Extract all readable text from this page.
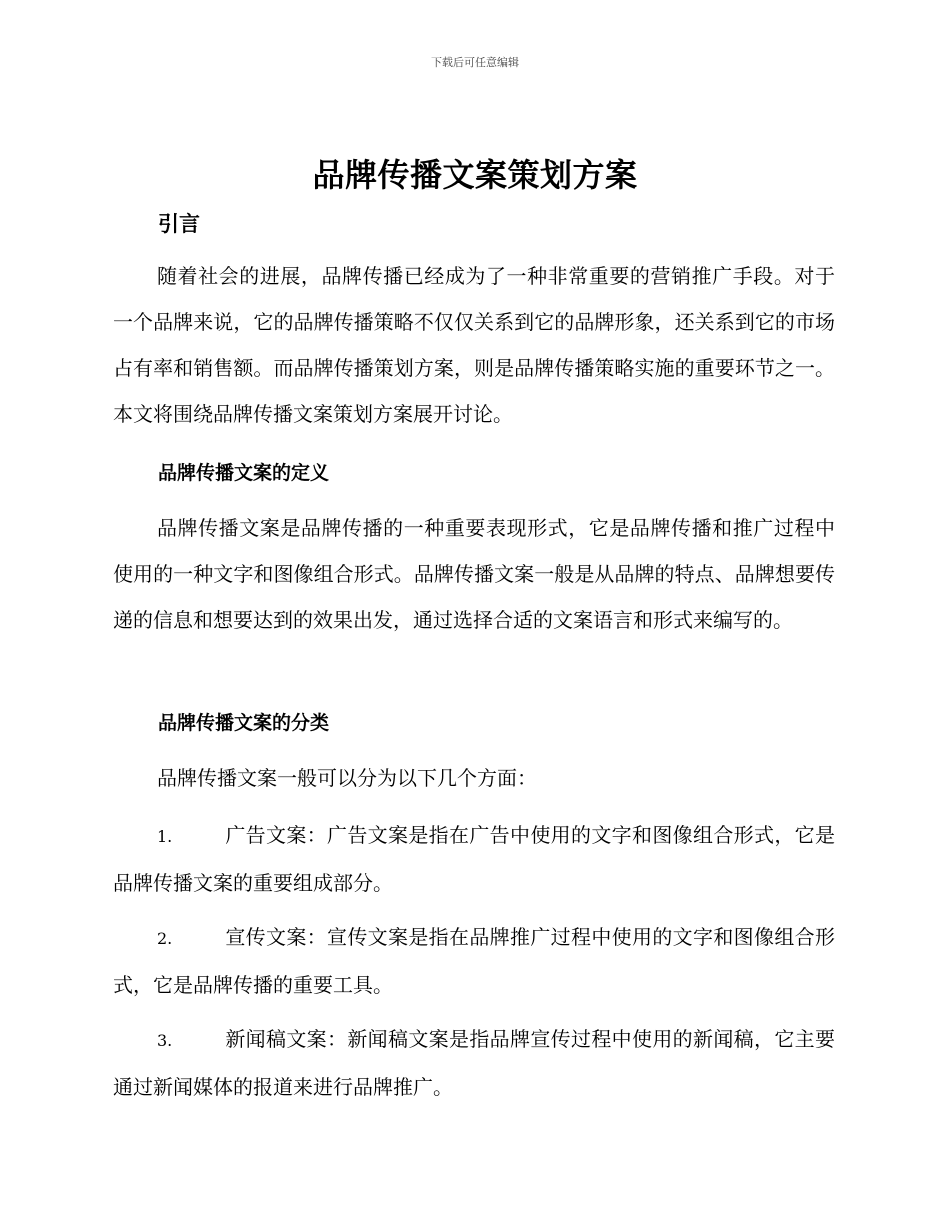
下载后可任意编辑
品牌传播文案策划方案
引言
随着社会的进展，品牌传播已经成为了一种非常重要的营销推广手段。对于一个品牌来说，它的品牌传播策略不仅仅关系到它的品牌形象，还关系到它的市场占有率和销售额。而品牌传播策划方案，则是品牌传播策略实施的重要环节之一。本文将围绕品牌传播文案策划方案展开讨论。
品牌传播文案的定义
品牌传播文案是品牌传播的一种重要表现形式，它是品牌传播和推广过程中使用的一种文字和图像组合形式。品牌传播文案一般是从品牌的特点、品牌想要传递的信息和想要达到的效果出发，通过选择合适的文案语言和形式来编写的。
品牌传播文案的分类
品牌传播文案一般可以分为以下几个方面：
1.	广告文案：广告文案是指在广告中使用的文字和图像组合形式，它是品牌传播文案的重要组成部分。
2.	宣传文案：宣传文案是指在品牌推广过程中使用的文字和图像组合形式，它是品牌传播的重要工具。
3.	新闻稿文案：新闻稿文案是指品牌宣传过程中使用的新闻稿，它主要通过新闻媒体的报道来进行品牌推广。
